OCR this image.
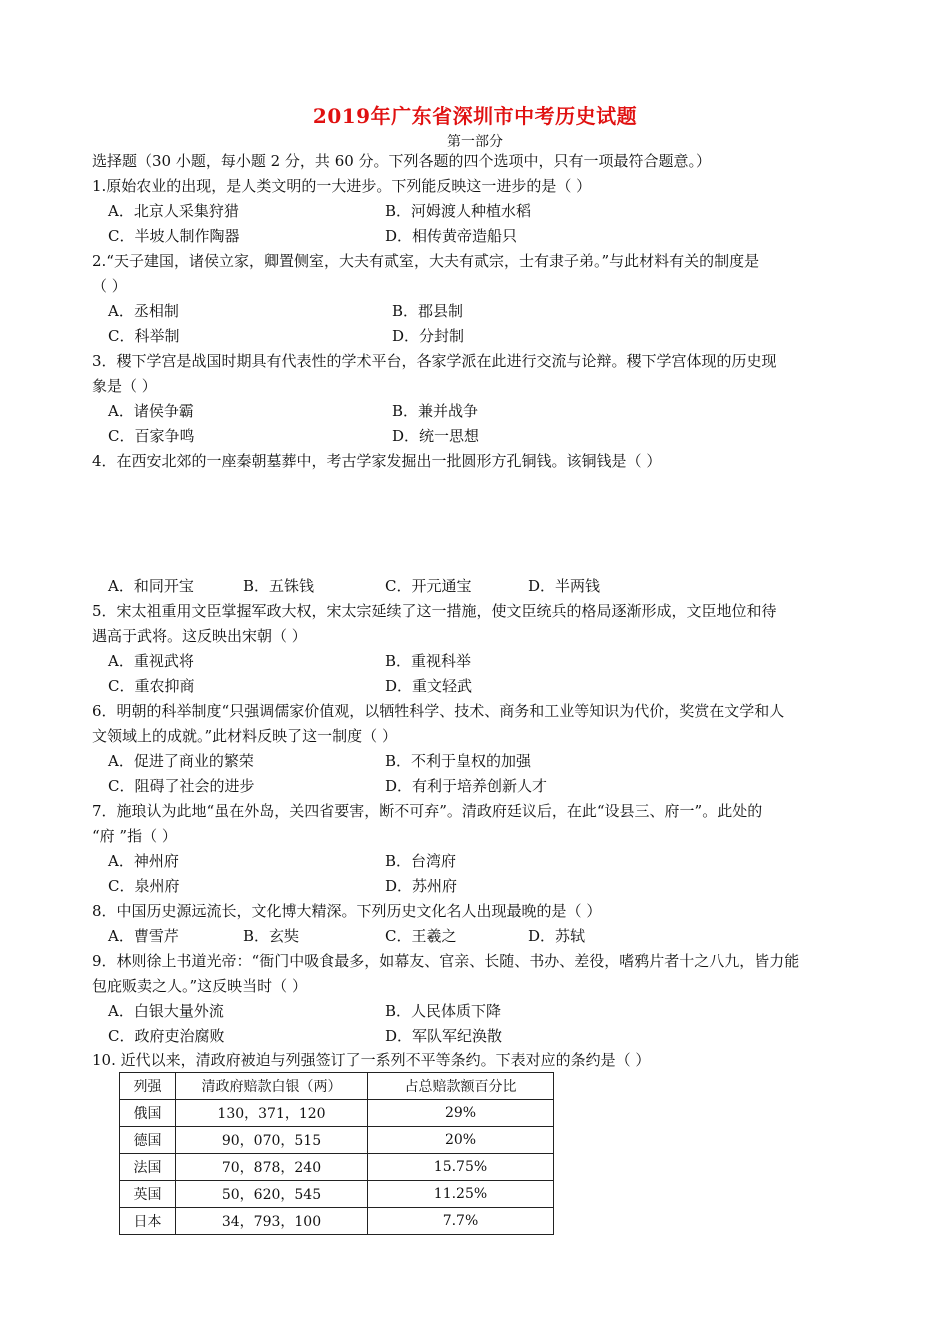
2019年广东省深圳市中考历史试题
第一部分
选择题（30 小题，每小题 2 分，共 60 分。下列各题的四个选项中，只有一项最符合题意。）
1.原始农业的出现，是人类文明的一大进步。下列能反映这一进步的是（ ）
A．北京人采集狩猎	B．河姆渡人种植水稻
C．半坡人制作陶器	D．相传黄帝造船只
2.“天子建国，诸侯立家，卿置侧室，大夫有贰室，大夫有贰宗，士有隶子弟。”与此材料有关的制度是
（ ）
A．丞相制	B．郡县制
C．科举制	D．分封制
3．稷下学宫是战国时期具有代表性的学术平台，各家学派在此进行交流与论辩。稷下学宫体现的历史现
象是（ ）
A．诸侯争霸	B．兼并战争
C．百家争鸣	D．统一思想
4．在西安北郊的一座秦朝墓葬中，考古学家发掘出一批圆形方孔铜钱。该铜钱是（ ）
A．和同开宝	B．五铢钱	C．开元通宝	D．半两钱
5．宋太祖重用文臣掌握军政大权，宋太宗延续了这一措施，使文臣统兵的格局逐渐形成，文臣地位和待
遇高于武将。这反映出宋朝（ ）
A．重视武将	B．重视科举
C．重农抑商	D．重文轻武
6．明朝的科举制度“只强调儒家价值观，以牺牲科学、技术、商务和工业等知识为代价，奖赏在文学和人
文领域上的成就。”此材料反映了这一制度（ ）
A．促进了商业的繁荣	B．不利于皇权的加强
C．阻碍了社会的进步	D．有利于培养创新人才
7．施琅认为此地“虽在外岛，关四省要害，断不可弃”。清政府廷议后，在此“设县三、府一”。此处的
“府 ”指（ ）
A．神州府	B．台湾府
C．泉州府	D．苏州府
8．中国历史源远流长，文化博大精深。下列历史文化名人出现最晚的是（ ）
A．曹雪芹	B．玄奘	C．王羲之	D．苏轼
9．林则徐上书道光帝：“衙门中吸食最多，如幕友、官亲、长随、书办、差役，嗜鸦片者十之八九，皆力能
包庇贩卖之人。”这反映当时（ ）
A．白银大量外流	B．人民体质下降
C．政府吏治腐败	D．军队军纪涣散
10. 近代以来，清政府被迫与列强签订了一系列不平等条约。下表对应的条约是（ ）
列强	清政府赔款白银（两）	占总赔款额百分比
俄国	130，371，120	29%
德国	90，070，515	20%
法国	70，878，240	15.75%
英国	50，620，545	11.25%
日本	34，793，100	7.7%
